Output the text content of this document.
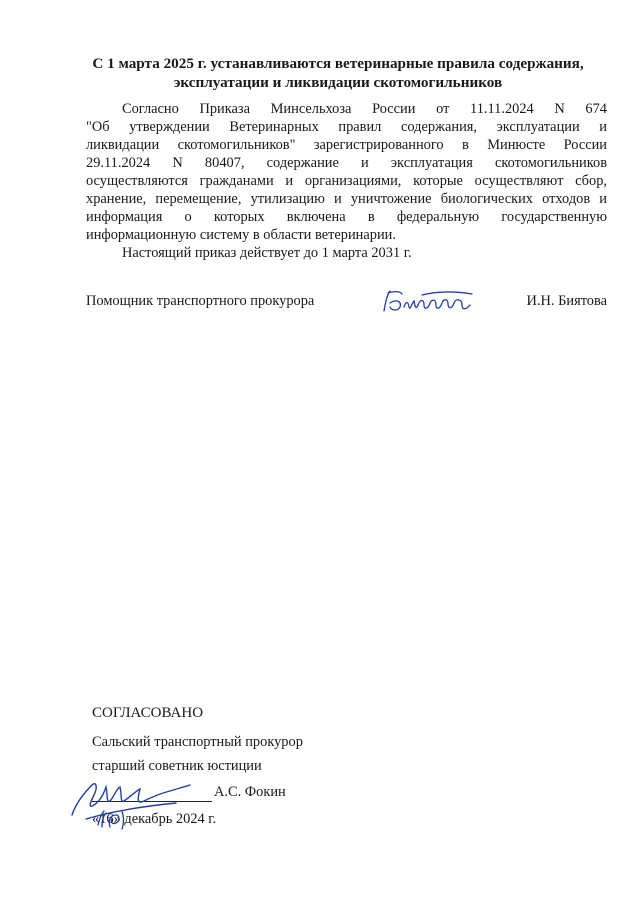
С 1 марта 2025 г. устанавливаются ветеринарные правила содержания,
эксплуатации и ликвидации скотомогильников
Согласно Приказа Минсельхоза России от 11.11.2024 N 674
"Об утверждении Ветеринарных правил содержания, эксплуатации и
ликвидации скотомогильников" зарегистрированного в Минюсте России
29.11.2024 N 80407, содержание и эксплуатация скотомогильников
осуществляются гражданами и организациями, которые осуществляют сбор,
хранение, перемещение, утилизацию и уничтожение биологических отходов и
информация о которых включена в федеральную государственную
информационную систему в области ветеринарии.
Настоящий приказ действует до 1 марта 2031 г.
Помощник транспортного прокурора	И.Н. Биятова
СОГЛАСОВАНО
Сальский транспортный прокурор
старший советник юстиции
А.С. Фокин
«16» декабрь 2024 г.
